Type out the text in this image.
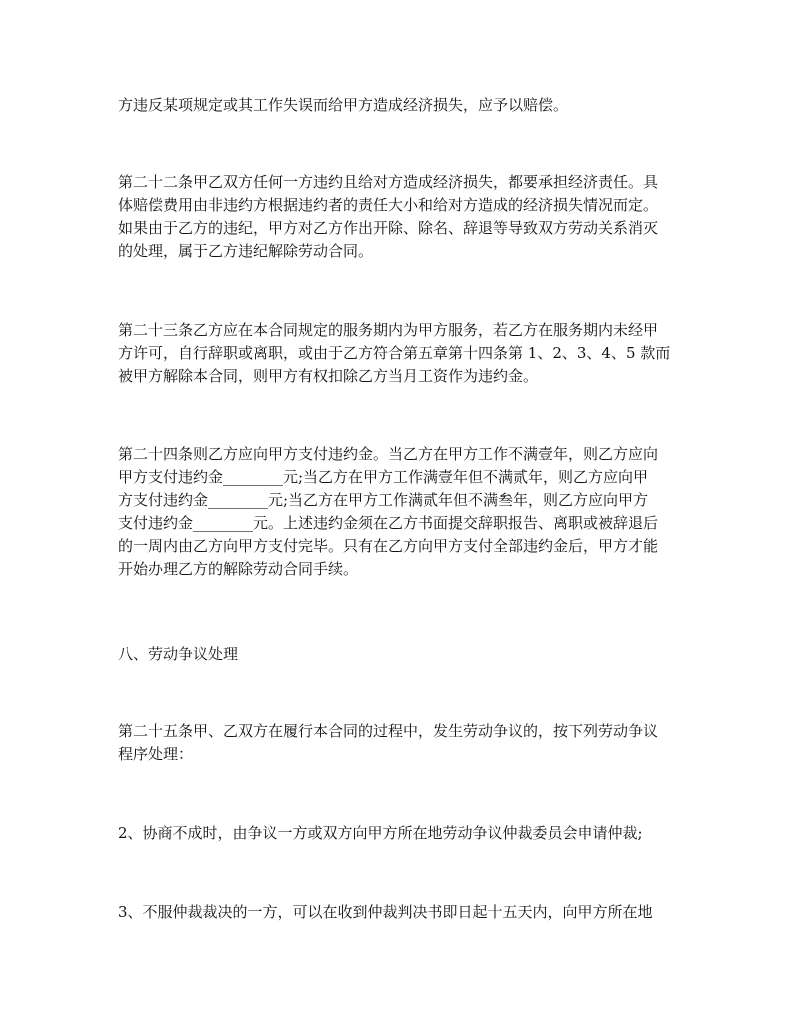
方违反某项规定或其工作失误而给甲方造成经济损失，应予以赔偿。

第二十二条甲乙双方任何一方违约且给对方造成经济损失，都要承担经济责任。具
体赔偿费用由非违约方根据违约者的责任大小和给对方造成的经济损失情况而定。
如果由于乙方的违纪，甲方对乙方作出开除、除名、辞退等导致双方劳动关系消灭
的处理，属于乙方违纪解除劳动合同。

第二十三条乙方应在本合同规定的服务期内为甲方服务，若乙方在服务期内未经甲
方许可，自行辞职或离职，或由于乙方符合第五章第十四条第 1、2、3、4、5 款而
被甲方解除本合同，则甲方有权扣除乙方当月工资作为违约金。

第二十四条则乙方应向甲方支付违约金。当乙方在甲方工作不满壹年，则乙方应向
甲方支付违约金________元;当乙方在甲方工作满壹年但不满贰年，则乙方应向甲
方支付违约金________元;当乙方在甲方工作满贰年但不满叁年，则乙方应向甲方
支付违约金________元。上述违约金须在乙方书面提交辞职报告、离职或被辞退后
的一周内由乙方向甲方支付完毕。只有在乙方向甲方支付全部违约金后，甲方才能
开始办理乙方的解除劳动合同手续。

八、劳动争议处理

第二十五条甲、乙双方在履行本合同的过程中，发生劳动争议的，按下列劳动争议
程序处理：

2、协商不成时，由争议一方或双方向甲方所在地劳动争议仲裁委员会申请仲裁;

3、不服仲裁裁决的一方，可以在收到仲裁判决书即日起十五天内，向甲方所在地
